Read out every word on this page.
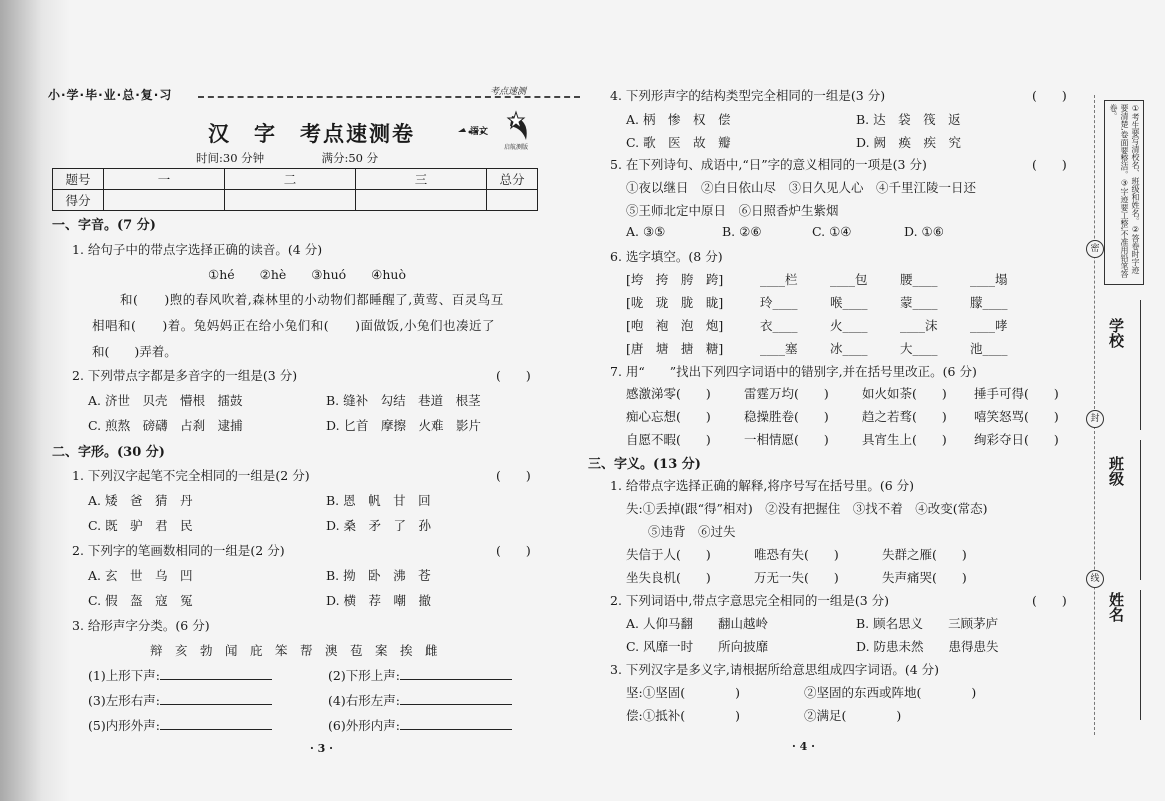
小·学·毕·业·总·复·习	考点速测
汉　字　考点速测卷	语文
启航测版
时间:30 分钟	满分:50 分
题号	一	二	三	总分
得分				
一、字音。(7 分)
1. 给句子中的带点字选择正确的读音。(4 分)
①hé　　②hè　　③huó　　④huò
和(　　)煦的春风吹着,森林里的小动物们都睡醒了,黄莺、百灵鸟互
相唱和(　　)着。兔妈妈正在给小兔们和(　　)面做饭,小兔们也凑近了
和(　　)弄着。
2. 下列带点字都是多音字的一组是(3 分)	(　　)
A. 济世　贝壳　懵根　擂鼓	B. 缝补　勾结　巷道　根茎
C. 煎熬　磅礴　占刹　逮捕	D. 匕首　摩擦　火难　影片
二、字形。(30 分)
1. 下列汉字起笔不完全相同的一组是(2 分)	(　　)
A. 矮　爸　猜　丹	B. 恩　帆　甘　回
C. 既　驴　君　民	D. 桑　矛　了　孙
2. 下列字的笔画数相同的一组是(2 分)	(　　)
A. 玄　世　乌　凹	B. 拗　卧　沸　苍
C. 假　盔　寇　冤	D. 横　荐　嘲　撤
3. 给形声字分类。(6 分)
辩　亥　勃　闻　庇　笨　帮　澳　苞　案　挨　雌
(1)上形下声:	(2)下形上声:
(3)左形右声:	(4)右形左声:
(5)内形外声:	(6)外形内声:
· 3 ·
4. 下列形声字的结构类型完全相同的一组是(3 分)	(　　)
A. 柄　惨　权　偿	B. 达　袋　筏　返
C. 歌　医　故　瓣	D. 阙　痪　疾　究
5. 在下列诗句、成语中,“日”字的意义相同的一项是(3 分)	(　　)
①夜以继日　②白日依山尽　③日久见人心　④千里江陵一日还
⑤王师北定中原日　⑥日照香炉生紫烟
A. ③⑤	B. ②⑥	C. ①④	D. ①⑥
6. 选字填空。(8 分)
[垮　挎　胯　跨]	____栏	____包	腰____	____塌
[咙　珑　胧　眬]	玲____	喉____	蒙____	朦____
[咆　袍　泡　炮]	衣____	火____	____沫	____哮
[唐　塘　搪　糖]	____塞	冰____	大____	池____
7. 用“　　”找出下列四字词语中的错别字,并在括号里改正。(6 分)
感激涕零(　　)	雷霆万均(　　)	如火如荼(　　) 捶手可得(　　)
痴心忘想(　　)	稳操胜卷(　　)	趋之若骛(　　) 嘻笑怒骂(　　)
自愿不暇(　　)	一相情愿(　　)	具宵生上(　　) 绚彩夺日(　　)
三、字义。(13 分)
1. 给带点字选择正确的解释,将序号写在括号里。(6 分)
失:①丢掉(跟“得”相对)　②没有把握住　③找不着　④改变(常态)
⑤违背　⑥过失
失信于人(　　)	唯恐有失(　　)	失群之雁(　　)
坐失良机(　　)	万无一失(　　)	失声痛哭(　　)
2. 下列词语中,带点字意思完全相同的一组是(3 分)	(　　)
A. 人仰马翻　　翻山越岭	B. 顾名思义　　三顾茅庐
C. 风靡一时　　所向披靡	D. 防患未然　　患得患失
3. 下列汉字是多义字,请根据所给意思组成四字词语。(4 分)
坚:①坚固(　　　　)	②坚固的东西或阵地(　　　　)
偿:①抵补(　　　　)	②满足(　　　　)
· 4 ·
①考生要写清校名、班级和姓名。②答卷时字迹要清楚,卷面要整洁。③字迹要工整,不准用铅笔答卷。
密
封
线
学校
班级
姓名
